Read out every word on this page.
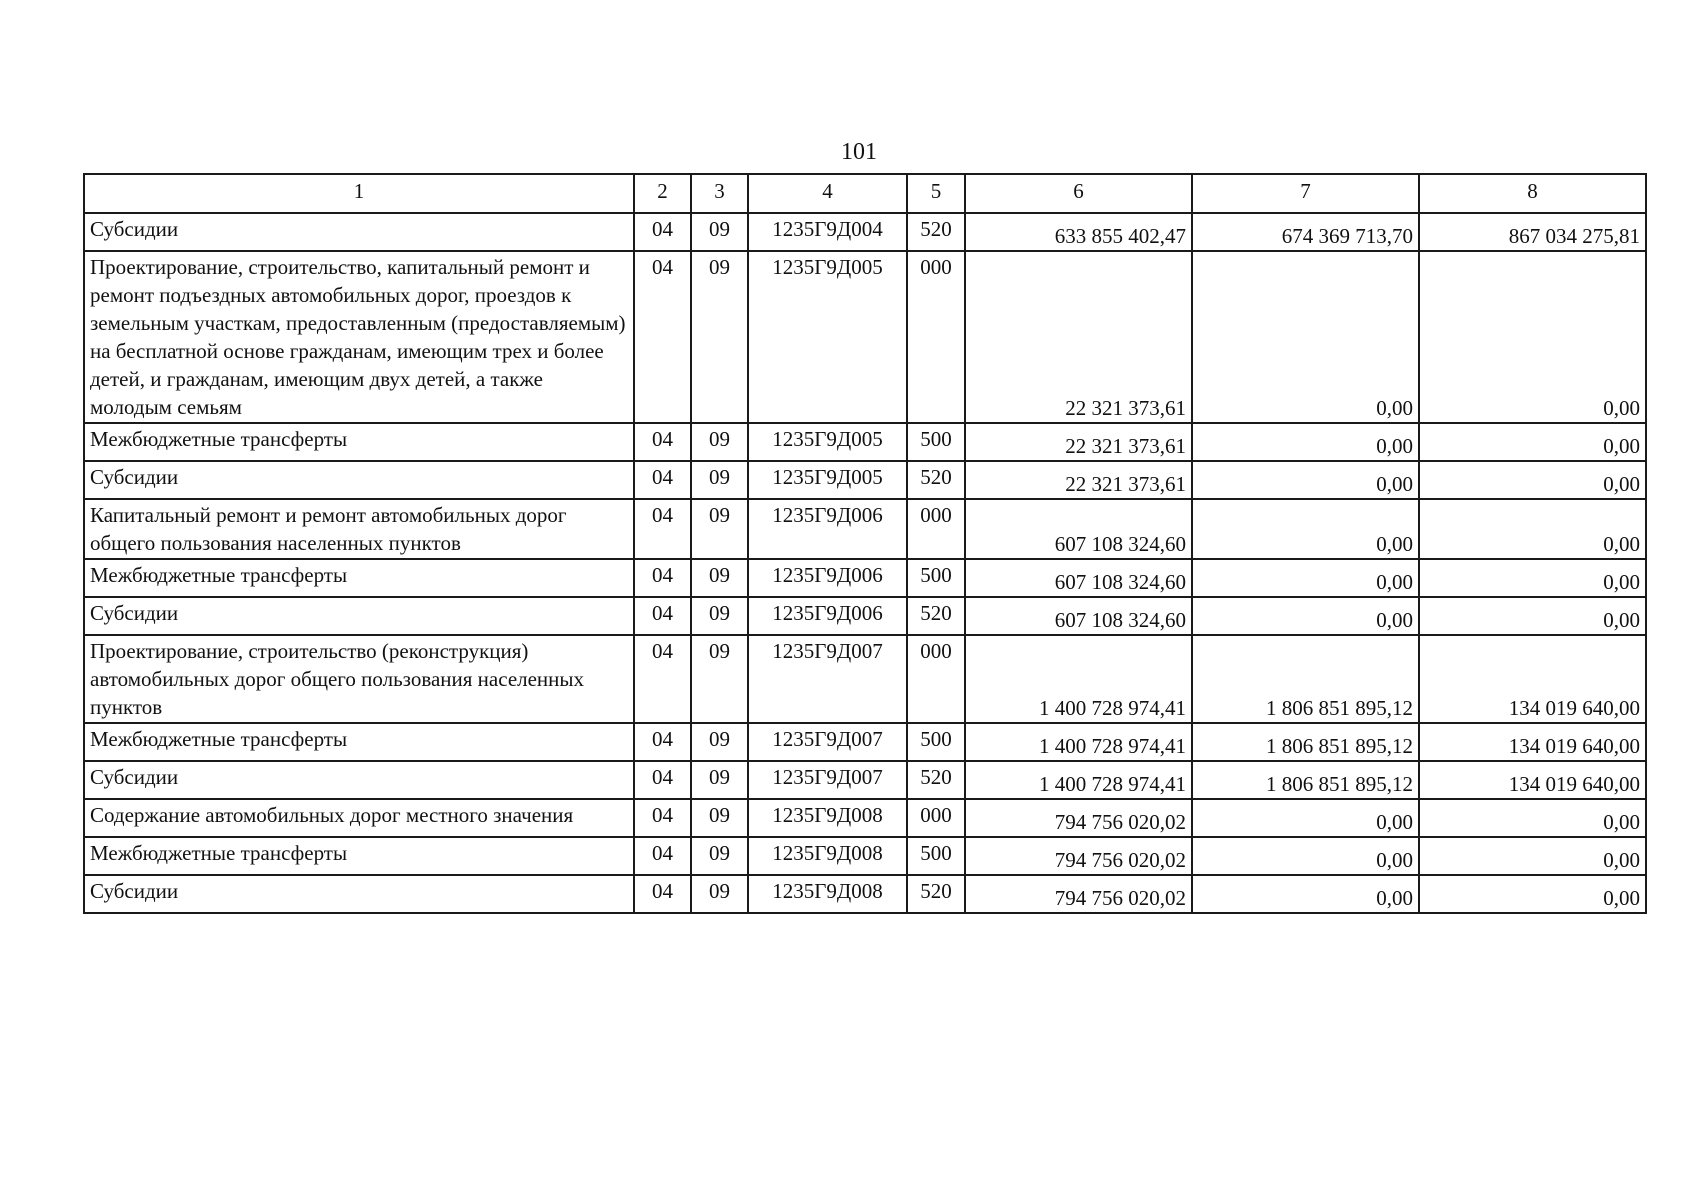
101
1	2	3	4	5	6	7	8
Субсидии	04	09	1235Г9Д004	520	633 855 402,47	674 369 713,70	867 034 275,81
Проектирование, строительство, капитальный ремонт и ремонт подъездных автомобильных дорог, проездов к земельным участкам, предоставленным (предоставляемым) на бесплатной основе гражданам, имеющим трех и более детей, и гражданам, имеющим двух детей, а также молодым семьям	04	09	1235Г9Д005	000	22 321 373,61	0,00	0,00
Межбюджетные трансферты	04	09	1235Г9Д005	500	22 321 373,61	0,00	0,00
Субсидии	04	09	1235Г9Д005	520	22 321 373,61	0,00	0,00
Капитальный ремонт и ремонт автомобильных дорог общего пользования населенных пунктов	04	09	1235Г9Д006	000	607 108 324,60	0,00	0,00
Межбюджетные трансферты	04	09	1235Г9Д006	500	607 108 324,60	0,00	0,00
Субсидии	04	09	1235Г9Д006	520	607 108 324,60	0,00	0,00
Проектирование, строительство (реконструкция) автомобильных дорог общего пользования населенных пунктов	04	09	1235Г9Д007	000	1 400 728 974,41	1 806 851 895,12	134 019 640,00
Межбюджетные трансферты	04	09	1235Г9Д007	500	1 400 728 974,41	1 806 851 895,12	134 019 640,00
Субсидии	04	09	1235Г9Д007	520	1 400 728 974,41	1 806 851 895,12	134 019 640,00
Содержание автомобильных дорог местного значения	04	09	1235Г9Д008	000	794 756 020,02	0,00	0,00
Межбюджетные трансферты	04	09	1235Г9Д008	500	794 756 020,02	0,00	0,00
Субсидии	04	09	1235Г9Д008	520	794 756 020,02	0,00	0,00
